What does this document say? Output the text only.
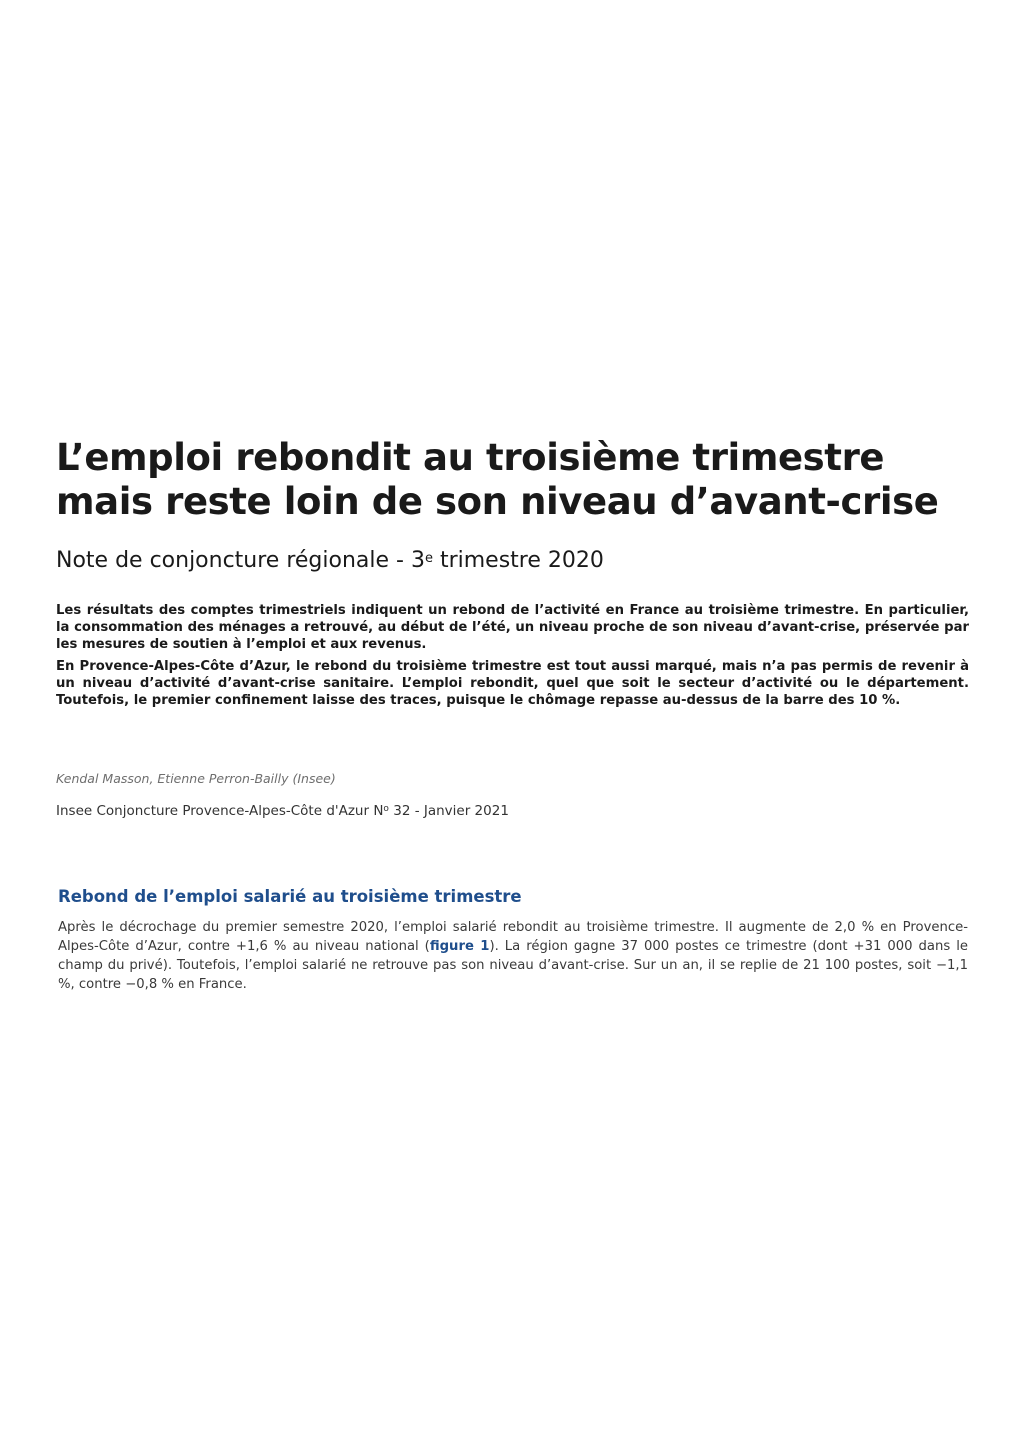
L’emploi rebondit au troisième trimestre
mais reste loin de son niveau d’avant-crise
Note de conjoncture régionale - 3e trimestre 2020

Les résultats des comptes trimestriels indiquent un rebond de l’activité en France au troisième trimestre. En particulier, la consommation des ménages a retrouvé, au début de l’été, un niveau proche de son niveau d’avant-crise, préservée par les mesures de soutien à l’emploi et aux revenus.

En Provence-Alpes-Côte d’Azur, le rebond du troisième trimestre est tout aussi marqué, mais n’a pas permis de revenir à un niveau d’activité d’avant-crise sanitaire. L’emploi rebondit, quel que soit le secteur d’activité ou le département. Toutefois, le premier confinement laisse des traces, puisque le chômage repasse au-dessus de la barre des 10 %.

Kendal Masson, Etienne Perron-Bailly (Insee)
Insee Conjoncture Provence-Alpes-Côte d'Azur $N^o$ 32 - Janvier 2021
Rebond de l’emploi salarié au troisième trimestre

Après le décrochage du premier semestre 2020, l’emploi salarié rebondit au troisième trimestre. Il augmente de 2,0 % en Provence-Alpes-Côte d’Azur, contre +1,6 % au niveau national (figure 1). La région gagne 37 000 postes ce trimestre (dont +31 000 dans le champ du privé). Toutefois, l’emploi salarié ne retrouve pas son niveau d’avant-crise. Sur un an, il se replie de 21 100 postes, soit −1,1 %, contre −0,8 % en France.
